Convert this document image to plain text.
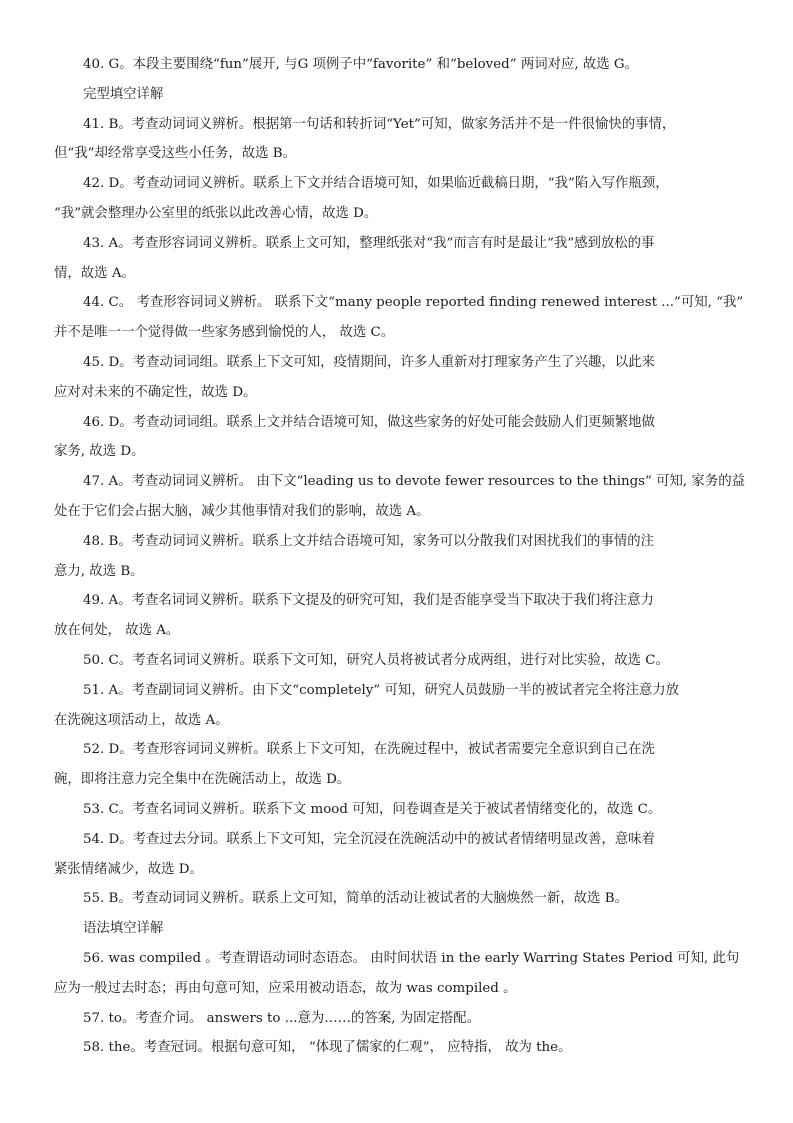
40. G。本段主要围绕“fun”展开, 与G 项例子中“favorite” 和“beloved” 两词对应, 故选 G。
完型填空详解
41. B。考查动词词义辨析。根据第一句话和转折词“Yet”可知，做家务活并不是一件很愉快的事情，
但“我”却经常享受这些小任务，故选 B。
42. D。考查动词词义辨析。联系上下文并结合语境可知，如果临近截稿日期，“我”陷入写作瓶颈，
“我”就会整理办公室里的纸张以此改善心情，故选 D。
43. A。考查形容词词义辨析。联系上文可知，整理纸张对“我”而言有时是最让“我”感到放松的事
情，故选 A。
44. C。 考查形容词词义辨析。 联系下文“many people reported finding renewed interest ...”可知, “我”
并不是唯一一个觉得做一些家务感到愉悦的人， 故选 C。
45. D。考查动词词组。联系上下文可知，疫情期间，许多人重新对打理家务产生了兴趣，以此来
应对对未来的不确定性，故选 D。
46. D。考查动词词组。联系上文并结合语境可知，做这些家务的好处可能会鼓励人们更频繁地做
家务, 故选 D。
47. A。考查动词词义辨析。 由下文“leading us to devote fewer resources to the things” 可知, 家务的益
处在于它们会占据大脑，减少其他事情对我们的影响，故选 A。
48. B。考查动词词义辨析。联系上文并结合语境可知，家务可以分散我们对困扰我们的事情的注
意力, 故选 B。
49. A。考查名词词义辨析。联系下文提及的研究可知，我们是否能享受当下取决于我们将注意力
放在何处， 故选 A。
50. C。考查名词词义辨析。联系下文可知，研究人员将被试者分成两组，进行对比实验，故选 C。
51. A。考查副词词义辨析。由下文“completely” 可知，研究人员鼓励一半的被试者完全将注意力放
在洗碗这项活动上，故选 A。
52. D。考查形容词词义辨析。联系上下文可知，在洗碗过程中，被试者需要完全意识到自己在洗
碗，即将注意力完全集中在洗碗活动上，故选 D。
53. C。考查名词词义辨析。联系下文 mood 可知，问卷调查是关于被试者情绪变化的，故选 C。
54. D。考查过去分词。联系上下文可知，完全沉浸在洗碗活动中的被试者情绪明显改善，意味着
紧张情绪减少，故选 D。
55. B。考查动词词义辨析。联系上文可知，简单的活动让被试者的大脑焕然一新，故选 B。
语法填空详解
56. was compiled 。考查谓语动词时态语态。 由时间状语 in the early Warring States Period 可知, 此句
应为一般过去时态；再由句意可知，应采用被动语态，故为 was compiled 。
57. to。考查介词。 answers to ...意为……的答案, 为固定搭配。
58. the。考查冠词。根据句意可知， “体现了儒家的仁观”， 应特指， 故为 the。
